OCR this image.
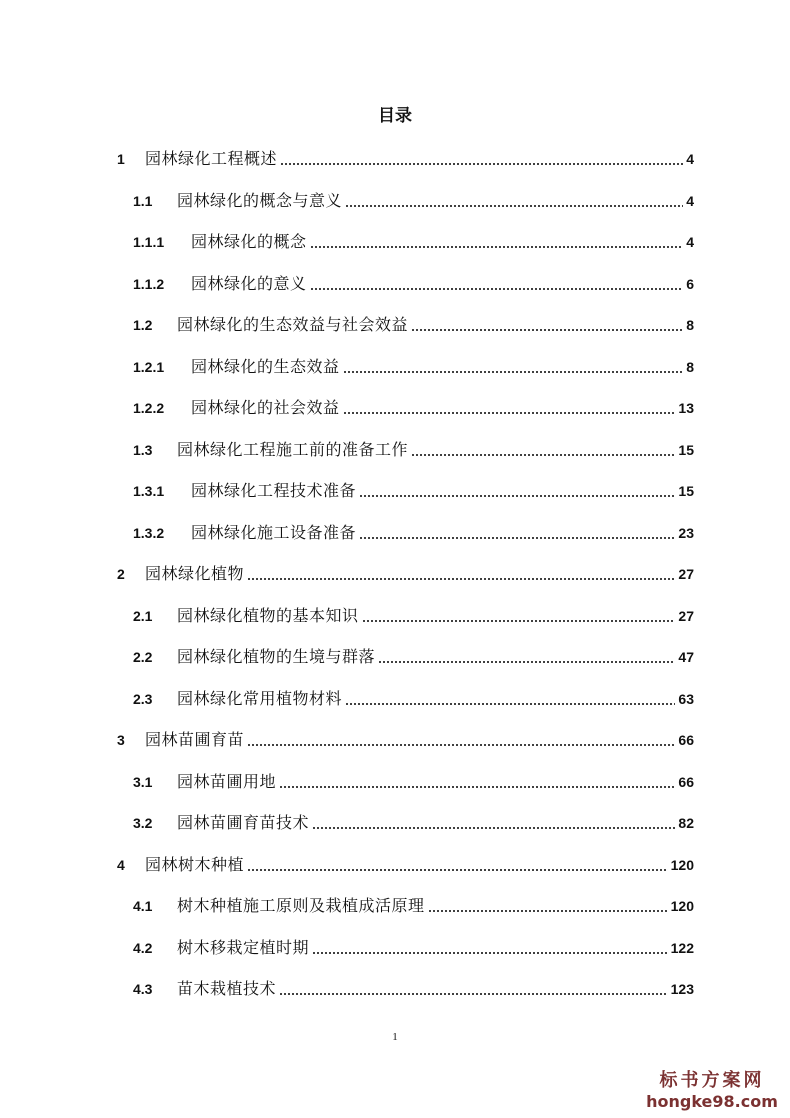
目录
1	园林绿化工程概述	4
1.1	园林绿化的概念与意义	4
1.1.1	园林绿化的概念	4
1.1.2	园林绿化的意义	6
1.2	园林绿化的生态效益与社会效益	8
1.2.1	园林绿化的生态效益	8
1.2.2	园林绿化的社会效益	13
1.3	园林绿化工程施工前的准备工作	15
1.3.1	园林绿化工程技术准备	15
1.3.2	园林绿化施工设备准备	23
2	园林绿化植物	27
2.1	园林绿化植物的基本知识	27
2.2	园林绿化植物的生境与群落	47
2.3	园林绿化常用植物材料	63
3	园林苗圃育苗	66
3.1	园林苗圃用地	66
3.2	园林苗圃育苗技术	82
4	园林树木种植	120
4.1	树木种植施工原则及栽植成活原理	120
4.2	树木移栽定植时期	122
4.3	苗木栽植技术	123
1
标书方案网
hongke98.com
